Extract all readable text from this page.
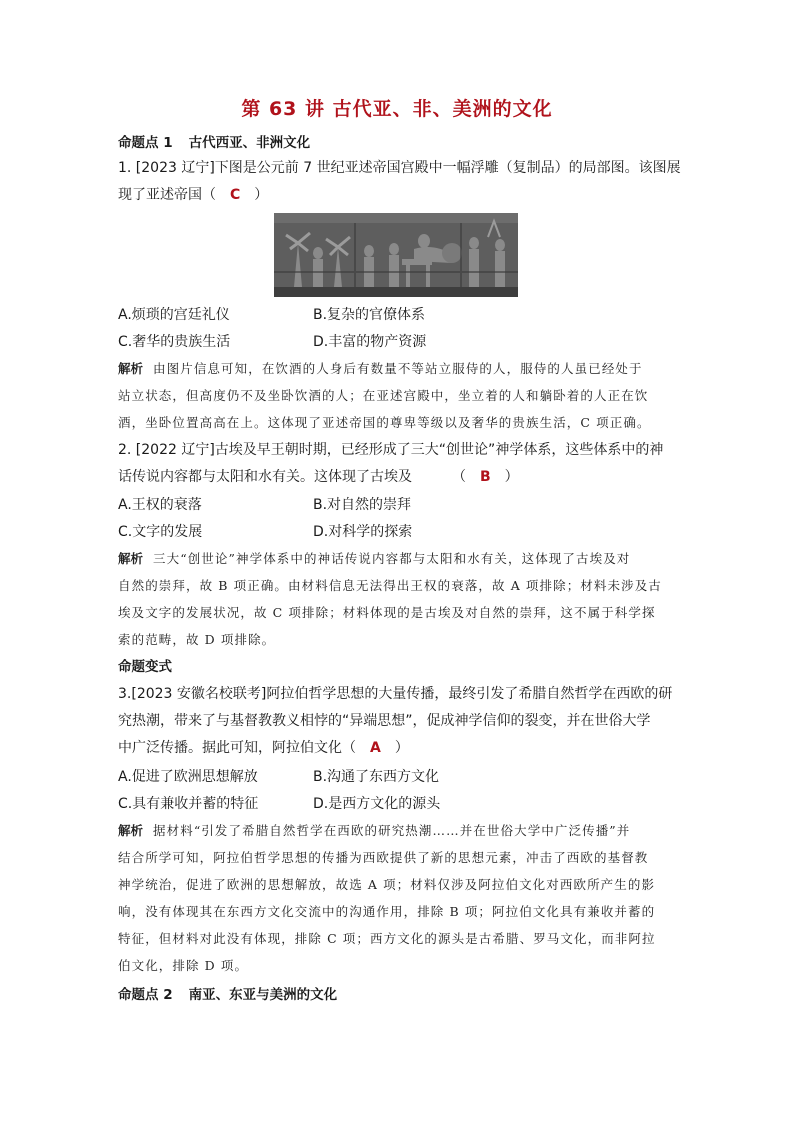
第 63 讲 古代亚、非、美洲的文化
命题点 1 古代西亚、非洲文化
1. [2023 辽宁]下图是公元前 7 世纪亚述帝国宫殿中一幅浮雕（复制品）的局部图。该图展
现了亚述帝国（ C ）
A.烦琐的宫廷礼仪	B.复杂的官僚体系
C.奢华的贵族生活	D.丰富的物产资源
解析 由图片信息可知，在饮酒的人身后有数量不等站立服侍的人，服侍的人虽已经处于
站立状态，但高度仍不及坐卧饮酒的人；在亚述宫殿中，坐立着的人和躺卧着的人正在饮
酒，坐卧位置高高在上。这体现了亚述帝国的尊卑等级以及奢华的贵族生活，C 项正确。
2. [2022 辽宁]古埃及早王朝时期，已经形成了三大“创世论”神学体系，这些体系中的神
话传说内容都与太阳和水有关。这体现了古埃及	（ B ）
A.王权的衰落	B.对自然的崇拜
C.文字的发展	D.对科学的探索
解析 三大“创世论”神学体系中的神话传说内容都与太阳和水有关，这体现了古埃及对
自然的崇拜，故 B 项正确。由材料信息无法得出王权的衰落，故 A 项排除；材料未涉及古
埃及文字的发展状况，故 C 项排除；材料体现的是古埃及对自然的崇拜，这不属于科学探
索的范畴，故 D 项排除。
命题变式
3.[2023 安徽名校联考]阿拉伯哲学思想的大量传播，最终引发了希腊自然哲学在西欧的研
究热潮，带来了与基督教教义相悖的“异端思想”，促成神学信仰的裂变，并在世俗大学
中广泛传播。据此可知，阿拉伯文化（ A ）
A.促进了欧洲思想解放	B.沟通了东西方文化
C.具有兼收并蓄的特征	D.是西方文化的源头
解析 据材料“引发了希腊自然哲学在西欧的研究热潮……并在世俗大学中广泛传播”并
结合所学可知，阿拉伯哲学思想的传播为西欧提供了新的思想元素，冲击了西欧的基督教
神学统治，促进了欧洲的思想解放，故选 A 项；材料仅涉及阿拉伯文化对西欧所产生的影
响，没有体现其在东西方文化交流中的沟通作用，排除 B 项；阿拉伯文化具有兼收并蓄的
特征，但材料对此没有体现，排除 C 项；西方文化的源头是古希腊、罗马文化，而非阿拉
伯文化，排除 D 项。
命题点 2 南亚、东亚与美洲的文化
